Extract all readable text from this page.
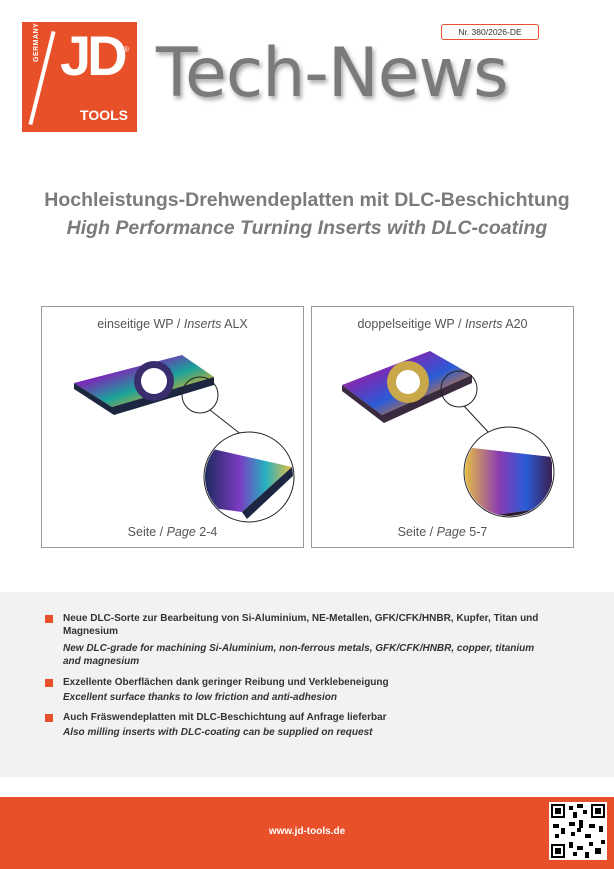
GERMANY JD ®
TOOLS
Nr. 380/2026-DE
Tech-News
Hochleistungs-Drehwendeplatten mit DLC-Beschichtung
High Performance Turning Inserts with DLC-coating
einseitige WP / Inserts ALX
Seite / Page 2-4
doppelseitige WP / Inserts A20
Seite / Page 5-7
Neue DLC-Sorte zur Bearbeitung von Si-Aluminium, NE-Metallen, GFK/CFK/HNBR, Kupfer, Titan und Magnesium
New DLC-grade for machining Si-Aluminium, non-ferrous metals, GFK/CFK/HNBR, copper, titanium and magnesium
Exzellente Oberflächen dank geringer Reibung und Verklebeneigung
Excellent surface thanks to low friction and anti-adhesion
Auch Fräswendeplatten mit DLC-Beschichtung auf Anfrage lieferbar
Also milling inserts with DLC-coating can be supplied on request
www.jd-tools.de
